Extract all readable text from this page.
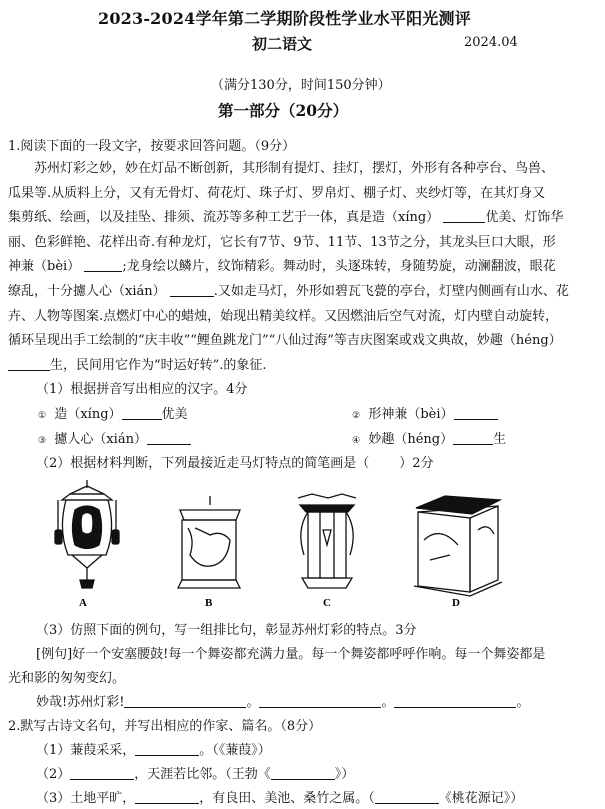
2023-2024学年第二学期阶段性学业水平阳光测评
初二语文	2024.04
（满分130分，时间150分钟）
第一部分（20分）
1.阅读下面的一段文字，按要求回答问题。（9分）

苏州灯彩之妙，妙在灯品不断创新，其形制有提灯、挂灯，摆灯，外形有各种亭台、鸟兽、

瓜果等.从质料上分，又有无骨灯、荷花灯、珠子灯、罗帛灯、棚子灯、夹纱灯等，在其灯身又

集剪纸、绘画，以及挂坠、排须、流苏等多种工艺于一体，真是造（xíng）	优美、灯饰华

丽、色彩鲜艳、花样出奇.有种龙灯，它长有7节、9节、11节、13节之分，其龙头巨口大眼，形

神兼（bèi）	;龙身绘以鳞片，纹饰精彩。舞动时，头逐珠转，身随势旋，动澜翻波，眼花

缭乱，十分攄人心（xián）	.又如走马灯，外形如碧瓦飞甍的亭台，灯壁内侧画有山水、花

卉、人物等图案.点燃灯中心的蜡烛，始现出精美纹样。又因燃油后空气对流，灯内壁自动旋转，

循环呈现出手工绘制的“庆丰收”“鲤鱼跳龙门”“八仙过海”等吉庆图案或戏文典故，妙趣（héng）

生，民间用它作为“时运好转”.的象征.

（1）根据拼音写出相应的汉字。4分
① 造（xíng）	优美	② 形神兼（bèi）
③ 攄人心（xián）	④ 妙趣（héng）	生
（2）根据材料判断，下列最接近走马灯特点的简笔画是（ ）2分
A	B	C	D
（3）仿照下面的例句，写一组排比句，彰显苏州灯彩的特点。3分
[例句]好一个安塞腰鼓!每一个舞姿都充满力量。每一个舞姿都呼呼作响。每一个舞姿都是
光和影的匆匆变幻。
妙哉!苏州灯彩!	。	。	。
2.默写古诗文名句，并写出相应的作家、篇名。（8分）
（1）蒹葭采采，	。（《蒹葭》）
（2）	，天涯若比邻。（王勃《	》）
（3）土地平旷，	，有良田、美池、桑竹之属。（	《桃花源记》）
